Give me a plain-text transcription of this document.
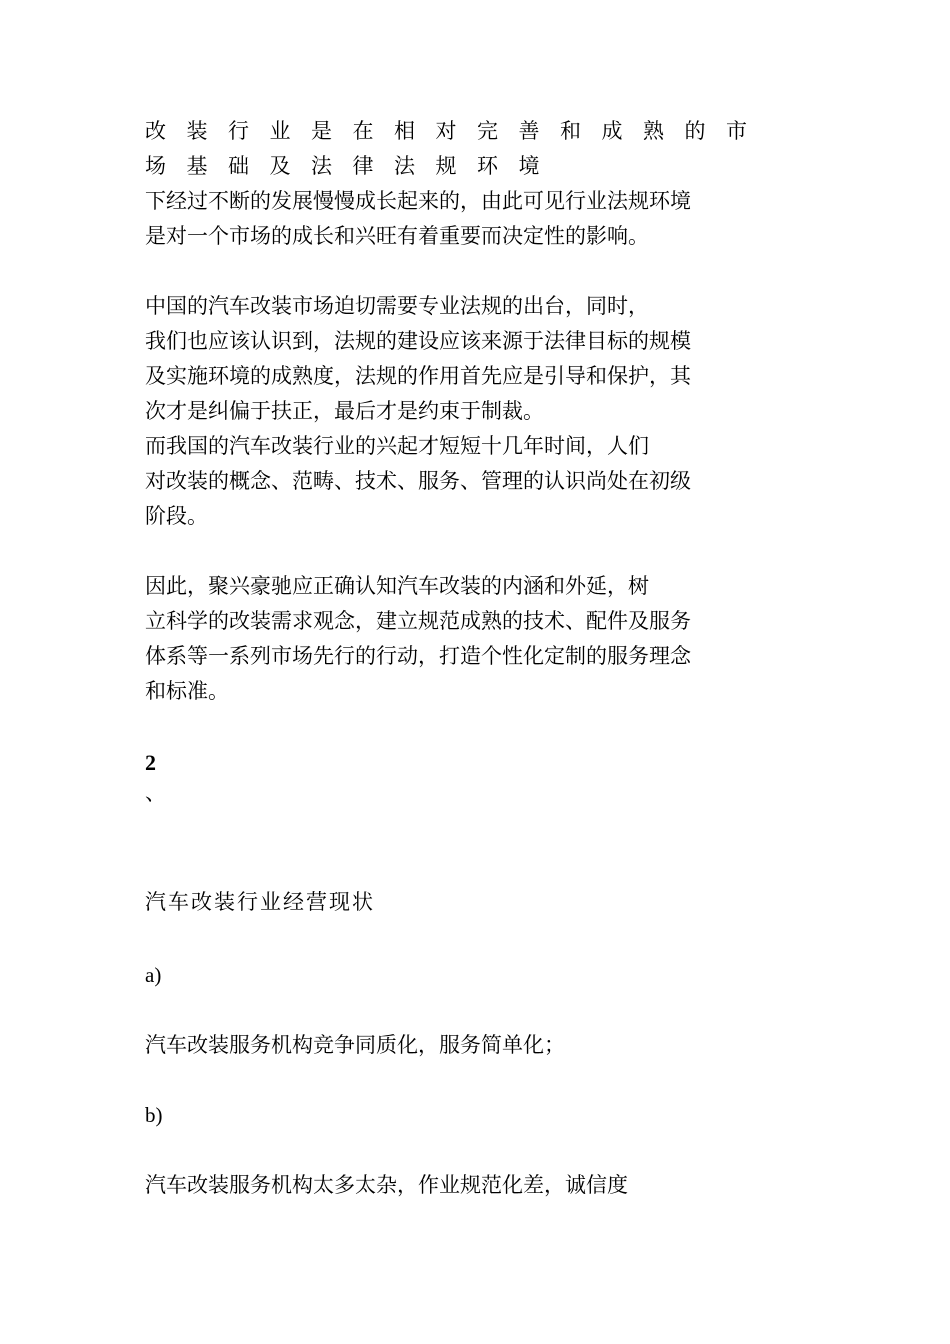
改装行业是在相对完善和成熟的市
场基础及法律法规环境
下经过不断的发展慢慢成长起来的，由此可见行业法规环境
是对一个市场的成长和兴旺有着重要而决定性的影响。
中国的汽车改装市场迫切需要专业法规的出台，同时，
我们也应该认识到，法规的建设应该来源于法律目标的规模
及实施环境的成熟度，法规的作用首先应是引导和保护，其
次才是纠偏于扶正，最后才是约束于制裁。
而我国的汽车改装行业的兴起才短短十几年时间，人们
对改装的概念、范畴、技术、服务、管理的认识尚处在初级
阶段。
因此，聚兴豪驰应正确认知汽车改装的内涵和外延，树
立科学的改装需求观念，建立规范成熟的技术、配件及服务
体系等一系列市场先行的行动，打造个性化定制的服务理念
和标准。
2
、
汽车改装行业经营现状
a)
汽车改装服务机构竞争同质化，服务简单化；
b)
汽车改装服务机构太多太杂，作业规范化差，诚信度
